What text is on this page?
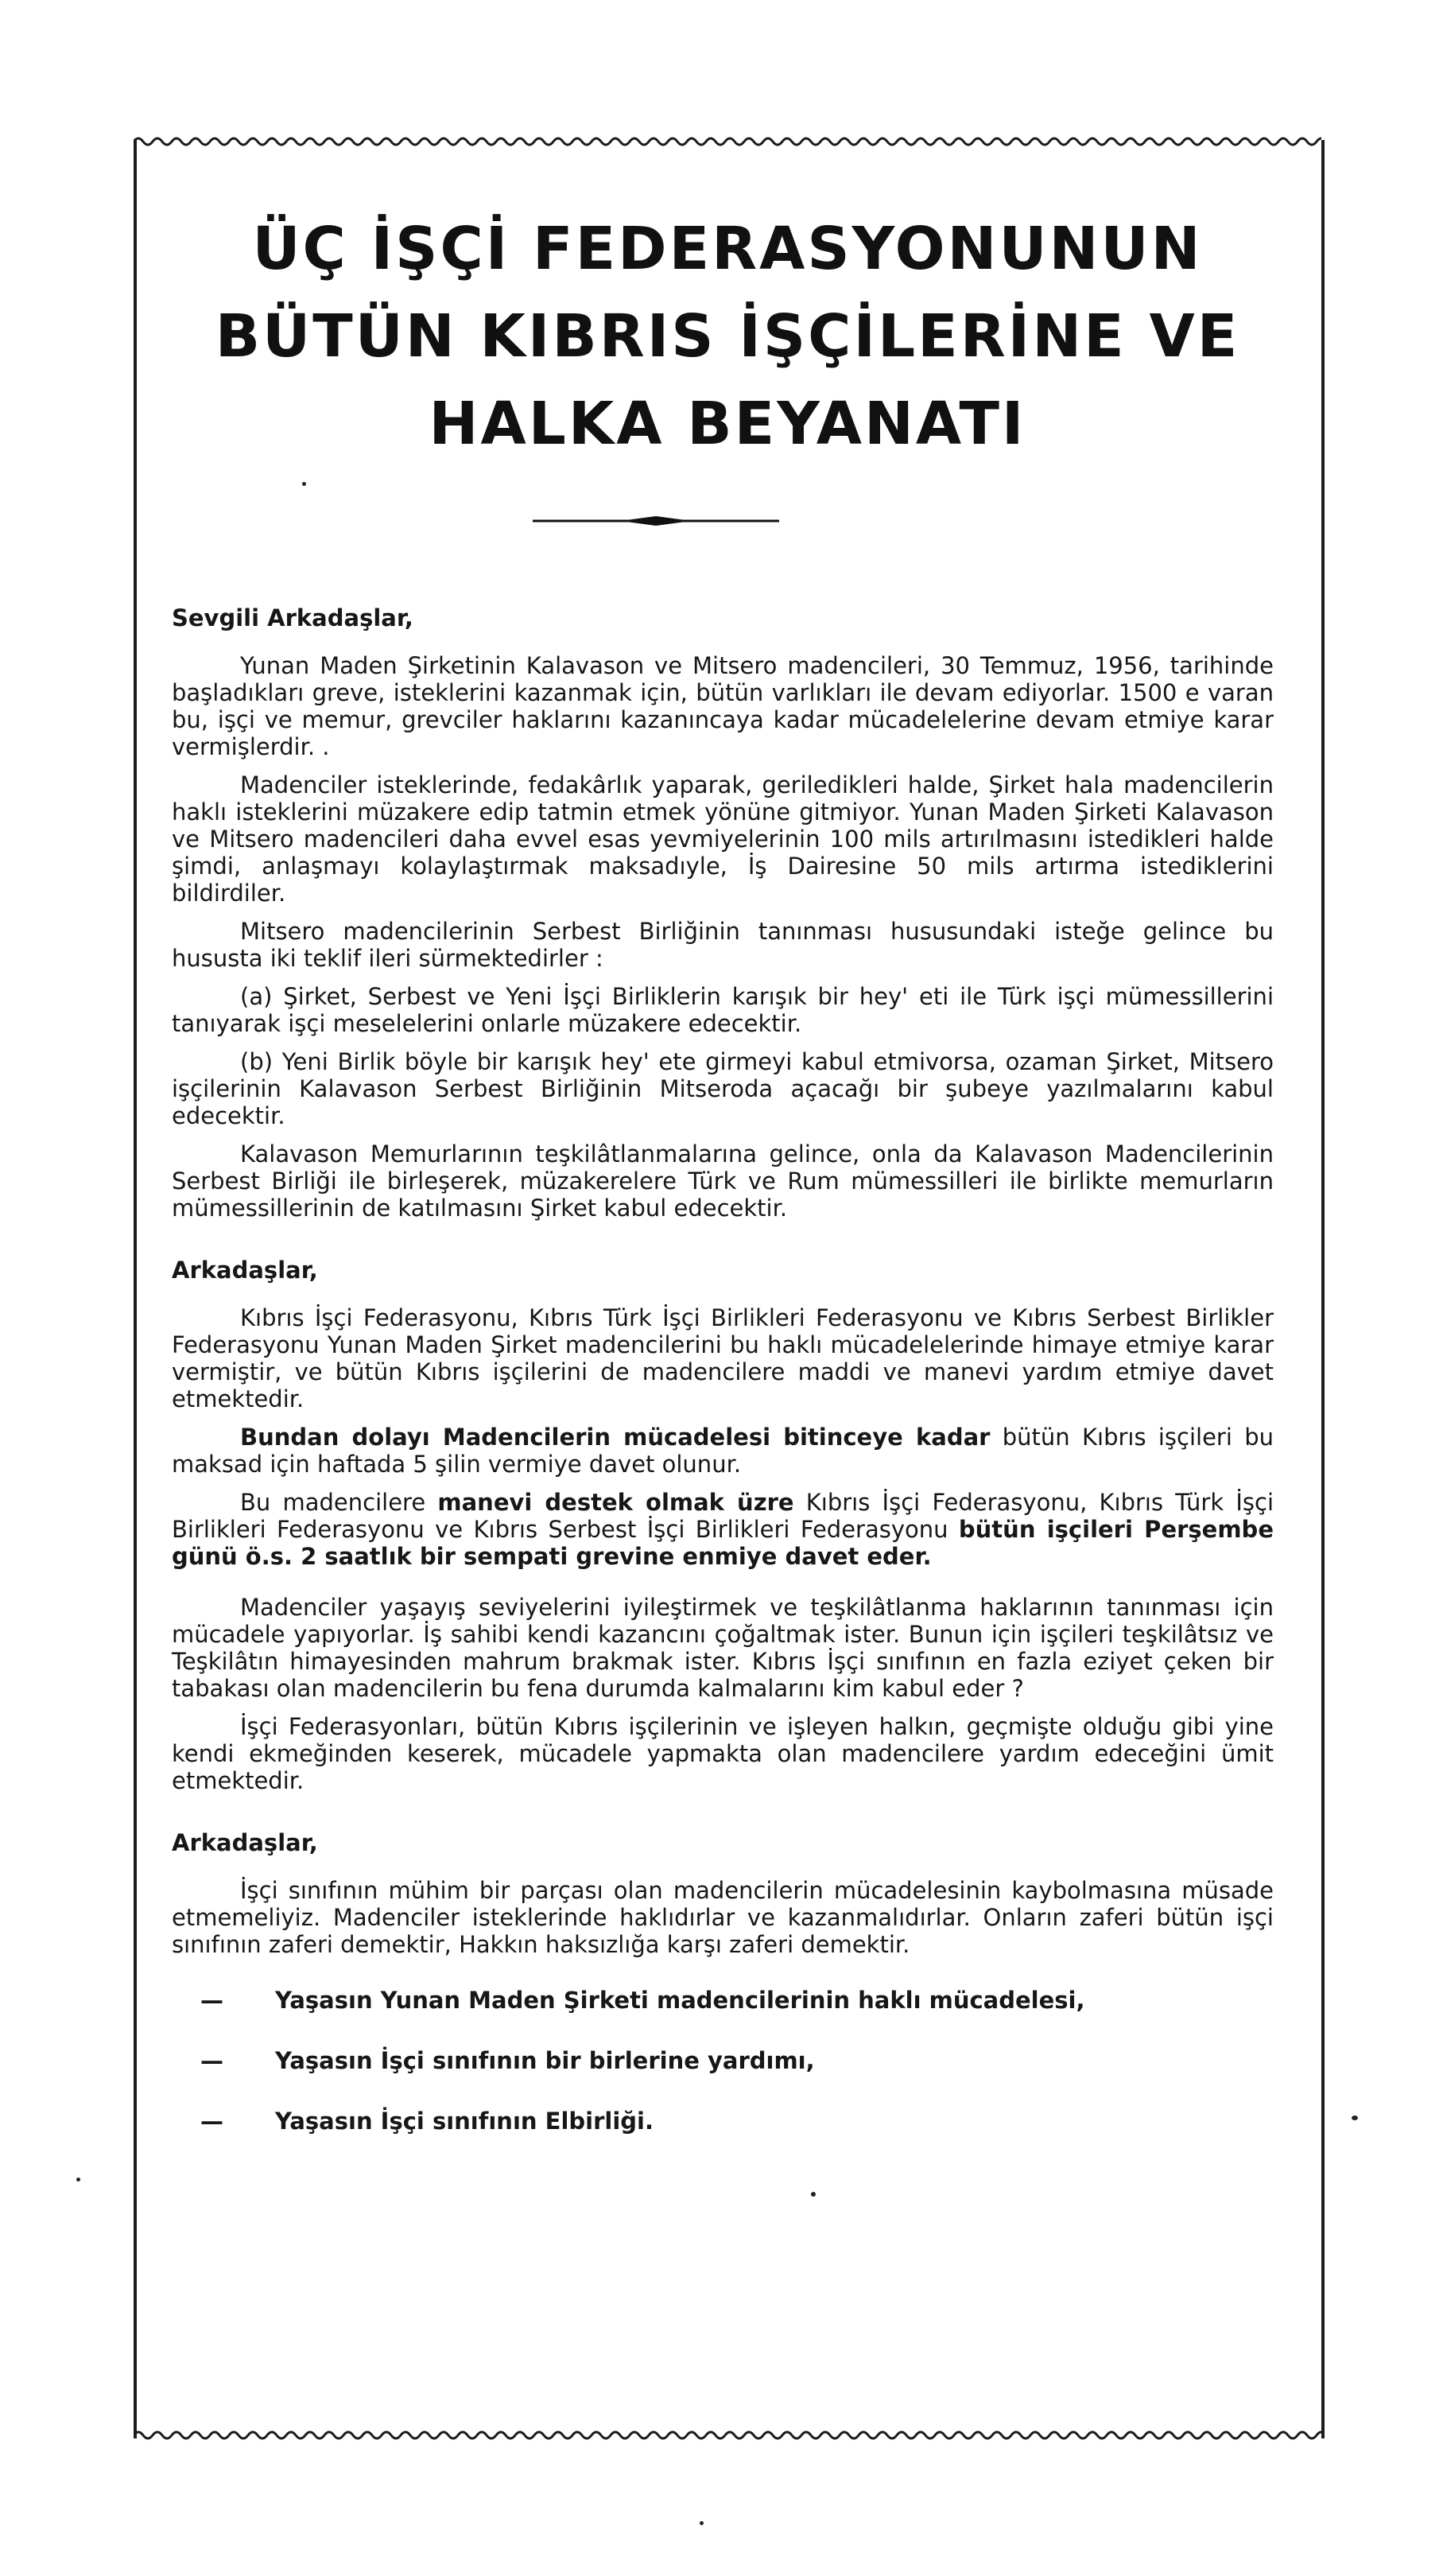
ÜÇ İŞÇİ FEDERASYONUNUN
BÜTÜN KIBRIS İŞÇİLERİNE VE
HALKA BEYANATI
Sevgili Arkadaşlar,

Yunan Maden Şirketinin Kalavason ve Mitsero madencileri, 30 Temmuz, 1956, tarihinde başladıkları greve, isteklerini kazanmak için, bütün varlıkları ile devam ediyorlar. 1500 e varan bu, işçi ve memur, grevciler haklarını kazanıncaya kadar mücadelelerine devam etmiye karar vermişlerdir. .

Madenciler isteklerinde, fedakârlık yaparak, geriledikleri halde, Şirket hala madencilerin haklı isteklerini müzakere edip tatmin etmek yönüne gitmiyor. Yunan Maden Şirketi Kalavason ve Mitsero madencileri daha evvel esas yevmiyelerinin 100 mils artırılmasını istedikleri halde şimdi, anlaşmayı kolaylaştırmak maksadıyle, İş Dairesine 50 mils artırma istediklerini bildirdiler.

Mitsero madencilerinin Serbest Birliğinin tanınması hususundaki isteğe gelince bu hususta iki teklif ileri sürmektedirler :

(a) Şirket, Serbest ve Yeni İşçi Birliklerin karışık bir hey' eti ile Türk işçi mümessillerini tanıyarak işçi meselelerini onlarle müzakere edecektir.

(b) Yeni Birlik böyle bir karışık hey' ete girmeyi kabul etmivorsa, ozaman Şirket, Mitsero işçilerinin Kalavason Serbest Birliğinin Mitseroda açacağı bir şubeye yazılmalarını kabul edecektir.

Kalavason Memurlarının teşkilâtlanmalarına gelince, onla da Kalavason Madencilerinin Serbest Birliği ile birleşerek, müzakerelere Türk ve Rum mümessilleri ile birlikte memurların mümessillerinin de katılmasını Şirket kabul edecektir.

Arkadaşlar,

Kıbrıs İşçi Federasyonu, Kıbrıs Türk İşçi Birlikleri Federasyonu ve Kıbrıs Serbest Birlikler Federasyonu Yunan Maden Şirket madencilerini bu haklı mücadelelerinde himaye etmiye karar vermiştir, ve bütün Kıbrıs işçilerini de madencilere maddi ve manevi yardım etmiye davet etmektedir.

Bundan dolayı Madencilerin mücadelesi bitinceye kadar bütün Kıbrıs işçileri bu maksad için haftada 5 şilin vermiye davet olunur.

Bu madencilere manevi destek olmak üzre Kıbrıs İşçi Federasyonu, Kıbrıs Türk İşçi Birlikleri Federasyonu ve Kıbrıs Serbest İşçi Birlikleri Federasyonu bütün işçileri Perşembe günü ö.s. 2 saatlık bir sempati grevine enmiye davet eder.

Madenciler yaşayış seviyelerini iyileştirmek ve teşkilâtlanma haklarının tanınması için mücadele yapıyorlar. İş sahibi kendi kazancını çoğaltmak ister. Bunun için işçileri teşkilâtsız ve Teşkilâtın himayesinden mahrum brakmak ister. Kıbrıs İşçi sınıfının en fazla eziyet çeken bir tabakası olan madencilerin bu fena durumda kalmalarını kim kabul eder ?

İşçi Federasyonları, bütün Kıbrıs işçilerinin ve işleyen halkın, geçmişte olduğu gibi yine kendi ekmeğinden keserek, mücadele yapmakta olan madencilere yardım edeceğini ümit etmektedir.

Arkadaşlar,

İşçi sınıfının mühim bir parçası olan madencilerin mücadelesinin kaybolmasına müsade etmemeliyiz. Madenciler isteklerinde haklıdırlar ve kazanmalıdırlar. Onların zaferi bütün işçi sınıfının zaferi demektir, Hakkın haksızlığa karşı zaferi demektir.

— Yaşasın Yunan Maden Şirketi madencilerinin haklı mücadelesi,
— Yaşasın İşçi sınıfının bir birlerine yardımı,
— Yaşasın İşçi sınıfının Elbirliği.
